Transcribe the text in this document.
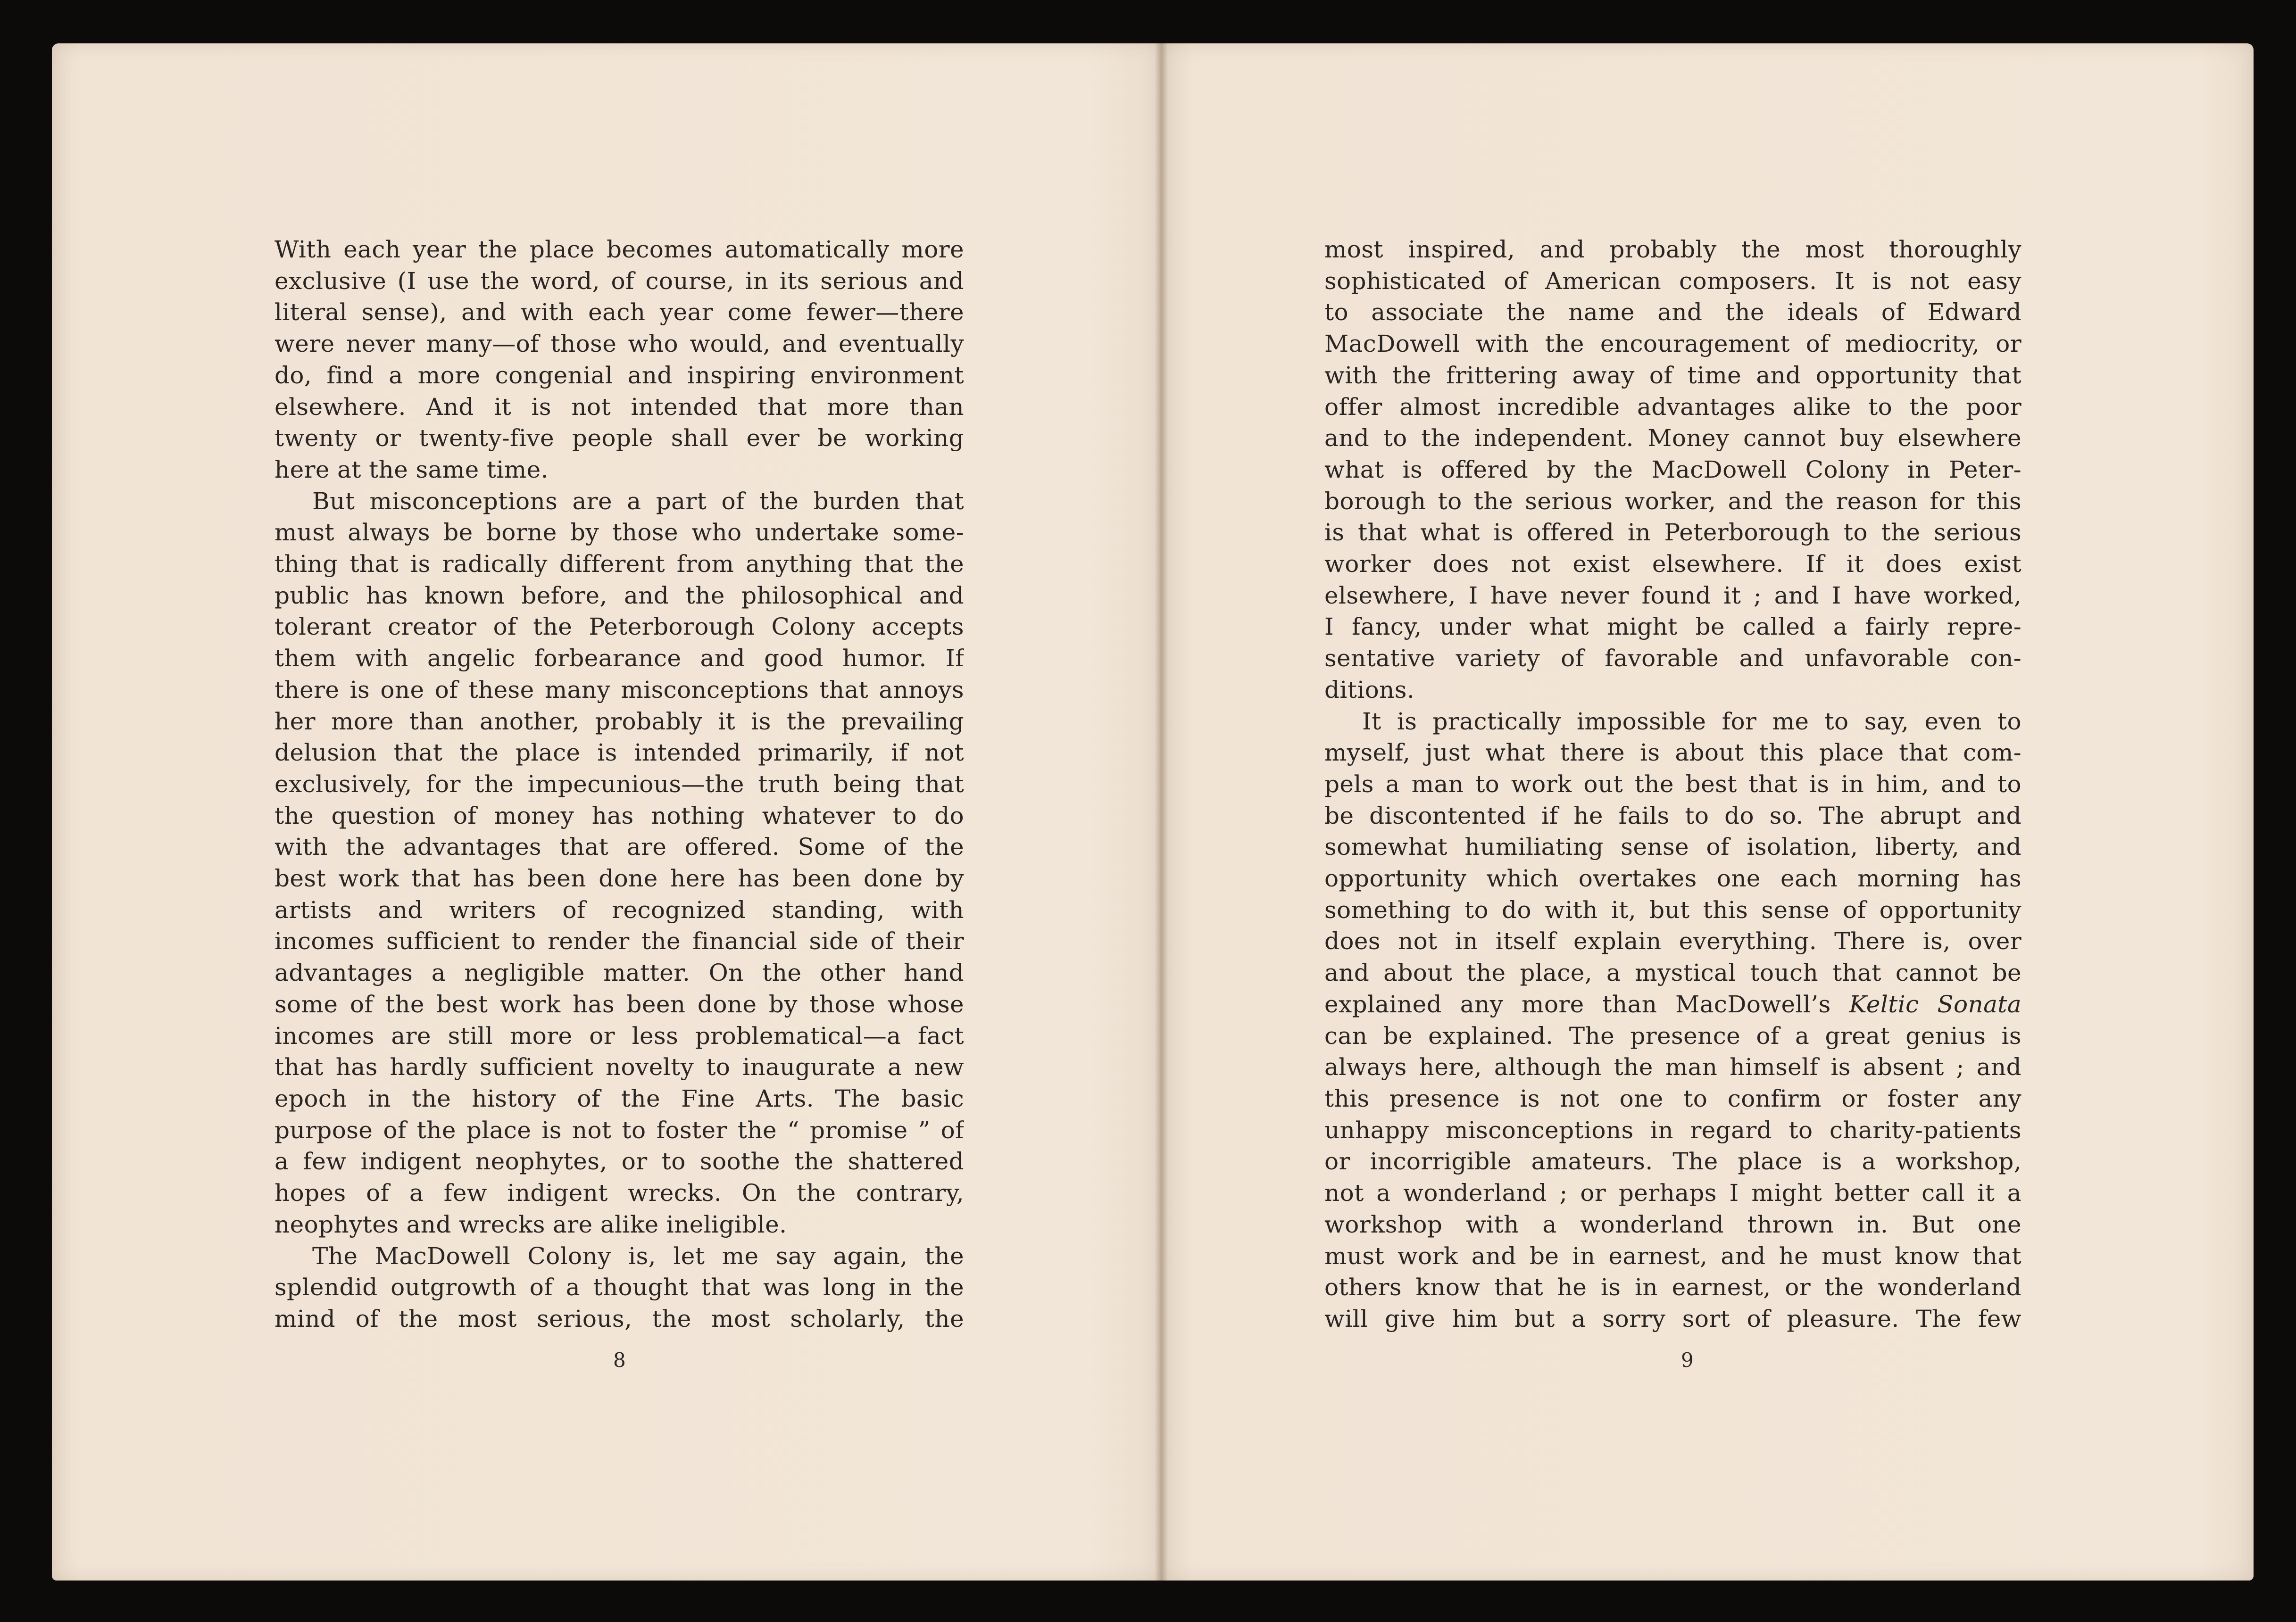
With each year the place becomes automatically more

exclusive (I use the word, of course, in its serious and

literal sense), and with each year come fewer—there

were never many—of those who would, and eventually

do, find a more congenial and inspiring environment

elsewhere. And it is not intended that more than

twenty or twenty-five people shall ever be working

here at the same time.

But misconceptions are a part of the burden that

must always be borne by those who undertake some-

thing that is radically different from anything that the

public has known before, and the philosophical and

tolerant creator of the Peterborough Colony accepts

them with angelic forbearance and good humor. If

there is one of these many misconceptions that annoys

her more than another, probably it is the prevailing

delusion that the place is intended primarily, if not

exclusively, for the impecunious—the truth being that

the question of money has nothing whatever to do

with the advantages that are offered. Some of the

best work that has been done here has been done by

artists and writers of recognized standing, with

incomes sufficient to render the financial side of their

advantages a negligible matter. On the other hand

some of the best work has been done by those whose

incomes are still more or less problematical—a fact

that has hardly sufficient novelty to inaugurate a new

epoch in the history of the Fine Arts. The basic

purpose of the place is not to foster the “ promise ” of

a few indigent neophytes, or to soothe the shattered

hopes of a few indigent wrecks. On the contrary,

neophytes and wrecks are alike ineligible.

The MacDowell Colony is, let me say again, the

splendid outgrowth of a thought that was long in the

mind of the most serious, the most scholarly, the

8

most inspired, and probably the most thoroughly

sophisticated of American composers. It is not easy

to associate the name and the ideals of Edward

MacDowell with the encouragement of mediocrity, or

with the frittering away of time and opportunity that

offer almost incredible advantages alike to the poor

and to the independent. Money cannot buy elsewhere

what is offered by the MacDowell Colony in Peter-

borough to the serious worker, and the reason for this

is that what is offered in Peterborough to the serious

worker does not exist elsewhere. If it does exist

elsewhere, I have never found it ; and I have worked,

I fancy, under what might be called a fairly repre-

sentative variety of favorable and unfavorable con-

ditions.

It is practically impossible for me to say, even to

myself, just what there is about this place that com-

pels a man to work out the best that is in him, and to

be discontented if he fails to do so. The abrupt and

somewhat humiliating sense of isolation, liberty, and

opportunity which overtakes one each morning has

something to do with it, but this sense of opportunity

does not in itself explain everything. There is, over

and about the place, a mystical touch that cannot be

explained any more than MacDowell’s Keltic Sonata

can be explained. The presence of a great genius is

always here, although the man himself is absent ; and

this presence is not one to confirm or foster any

unhappy misconceptions in regard to charity-patients

or incorrigible amateurs. The place is a workshop,

not a wonderland ; or perhaps I might better call it a

workshop with a wonderland thrown in. But one

must work and be in earnest, and he must know that

others know that he is in earnest, or the wonderland

will give him but a sorry sort of pleasure. The few

9
